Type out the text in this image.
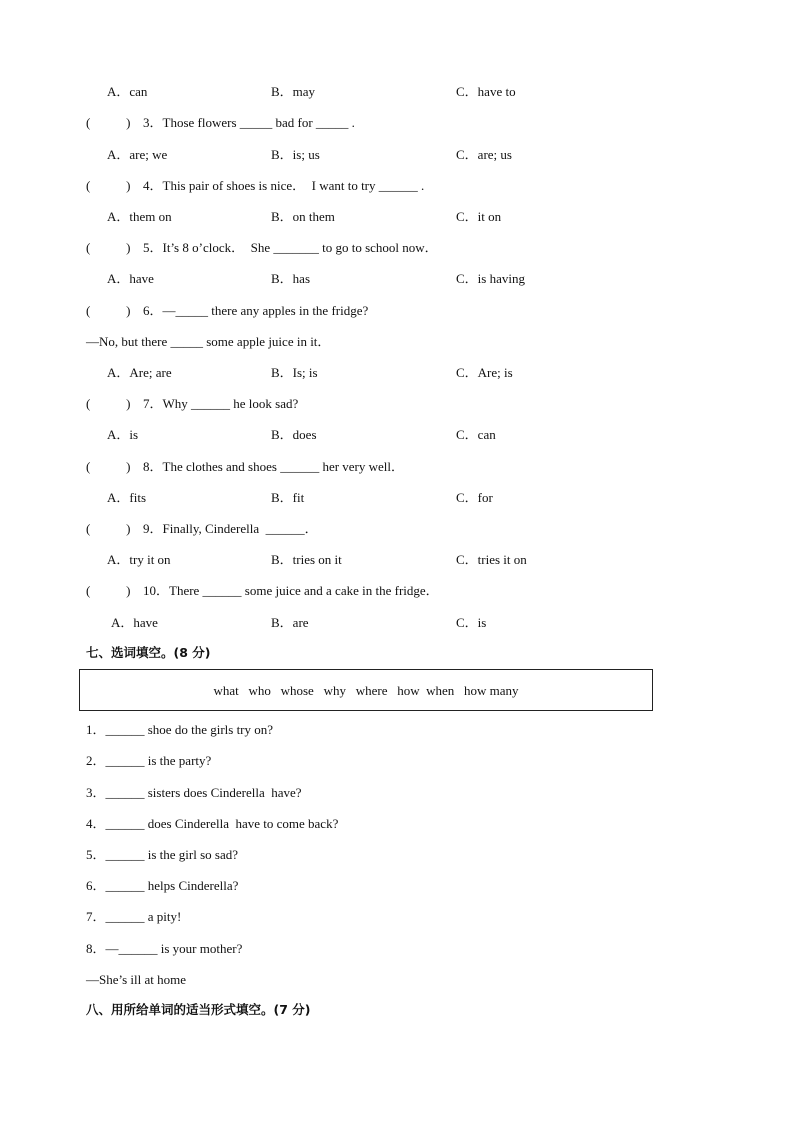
A．can	B．may	C．have to
(           ) 3．Those flowers _____ bad for _____ .
A．are; we	B．is; us	C．are; us
(           ) 4．This pair of shoes is nice．  I want to try ______ .
A．them on	B．on them	C．it on
(           ) 5．It’s 8 o’clock．  She _______ to go to school now．
A．have	B．has	C．is having
(           ) 6．—_____ there any apples in the fridge?
—No, but there _____ some apple juice in it．
A．Are; are	B．Is; is	C．Are; is
(           ) 7．Why ______ he look sad?
A．is	B．does	C．can
(           ) 8．The clothes and shoes ______ her very well．
A．fits	B．fit	C．for
(           ) 9．Finally, Cinderella  ______．
A．try it on	B．tries on it	C．tries it on
(           ) 10．There ______ some juice and a cake in the fridge．
A．have	B．are	C．is
七、选词填空。(8 分)
what   who   whose   why   where   how  when   how many
1．______ shoe do the girls try on?
2．______ is the party?
3．______ sisters does Cinderella  have?
4．______ does Cinderella  have to come back?
5．______ is the girl so sad?
6．______ helps Cinderella?
7．______ a pity!
8．—______ is your mother?
—She’s ill at home
八、用所给单词的适当形式填空。(7 分)
